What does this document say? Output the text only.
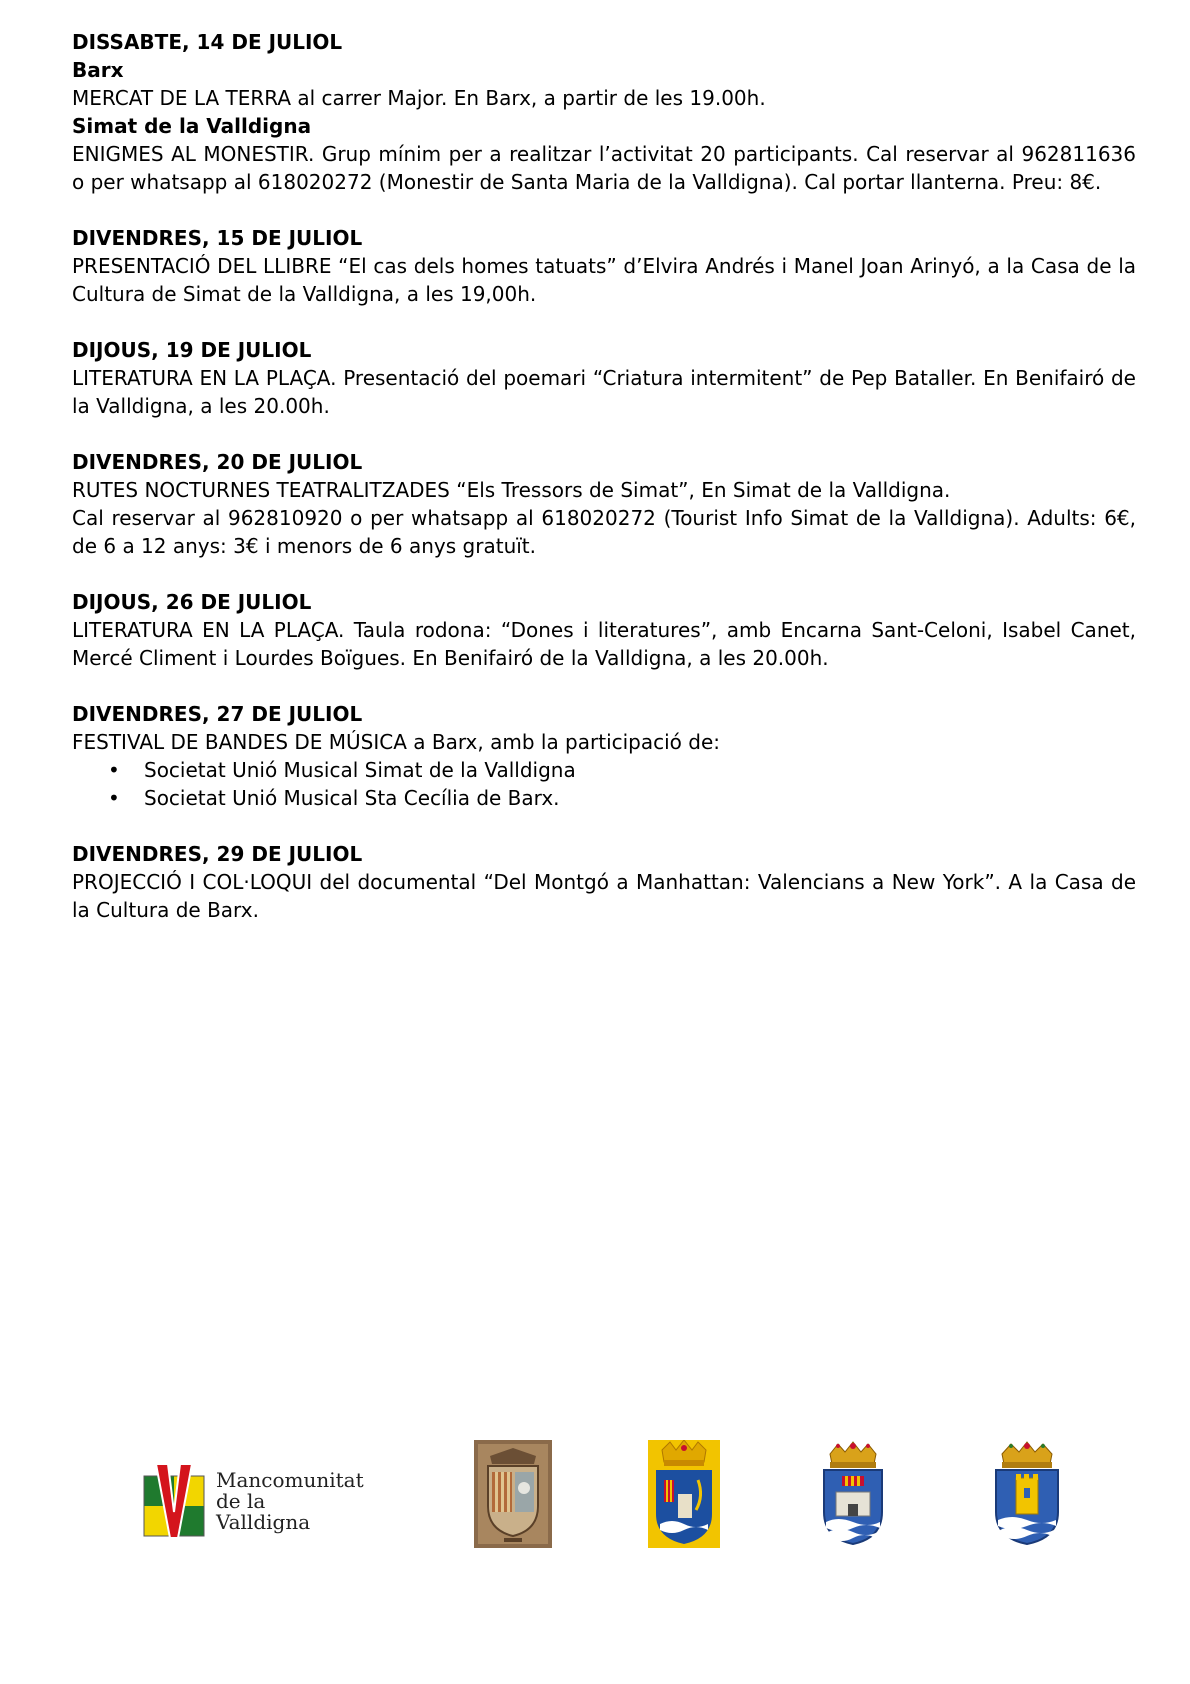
DISSABTE, 14 DE JULIOL
Barx
MERCAT DE LA TERRA al carrer Major. En Barx, a partir de les 19.00h.
Simat de la Valldigna
ENIGMES AL MONESTIR. Grup mínim per a realitzar l’activitat 20 participants. Cal reservar al 962811636 o per whatsapp al 618020272 (Monestir de Santa Maria de la Valldigna). Cal portar llanterna. Preu: 8€.
DIVENDRES, 15 DE JULIOL
PRESENTACIÓ DEL LLIBRE “El cas dels homes tatuats” d’Elvira Andrés i Manel Joan Arinyó, a la Casa de la Cultura de Simat de la Valldigna, a les 19,00h.
DIJOUS, 19 DE JULIOL
LITERATURA EN LA PLAÇA. Presentació del poemari “Criatura intermitent” de Pep Bataller. En Benifairó de la Valldigna, a les 20.00h.
DIVENDRES, 20 DE JULIOL
RUTES NOCTURNES TEATRALITZADES “Els Tressors de Simat”, En Simat de la Valldigna.
Cal reservar al 962810920 o per whatsapp al 618020272 (Tourist Info Simat de la Valldigna). Adults: 6€, de 6 a 12 anys: 3€ i menors de 6 anys gratuït.
DIJOUS, 26 DE JULIOL
LITERATURA EN LA PLAÇA. Taula rodona: “Dones i literatures”, amb Encarna Sant-Celoni, Isabel Canet, Mercé Climent i Lourdes Boïgues. En Benifairó de la Valldigna, a les 20.00h.
DIVENDRES, 27 DE JULIOL
FESTIVAL DE BANDES DE MÚSICA a Barx, amb la participació de:
• Societat Unió Musical Simat de la Valldigna
• Societat Unió Musical Sta Cecília de Barx.
DIVENDRES, 29 DE JULIOL
PROJECCIÓ I COL·LOQUI del documental “Del Montgó a Manhattan: Valencians a New York”. A la Casa de la Cultura de Barx.
Mancomunitat
de la
Valldigna
